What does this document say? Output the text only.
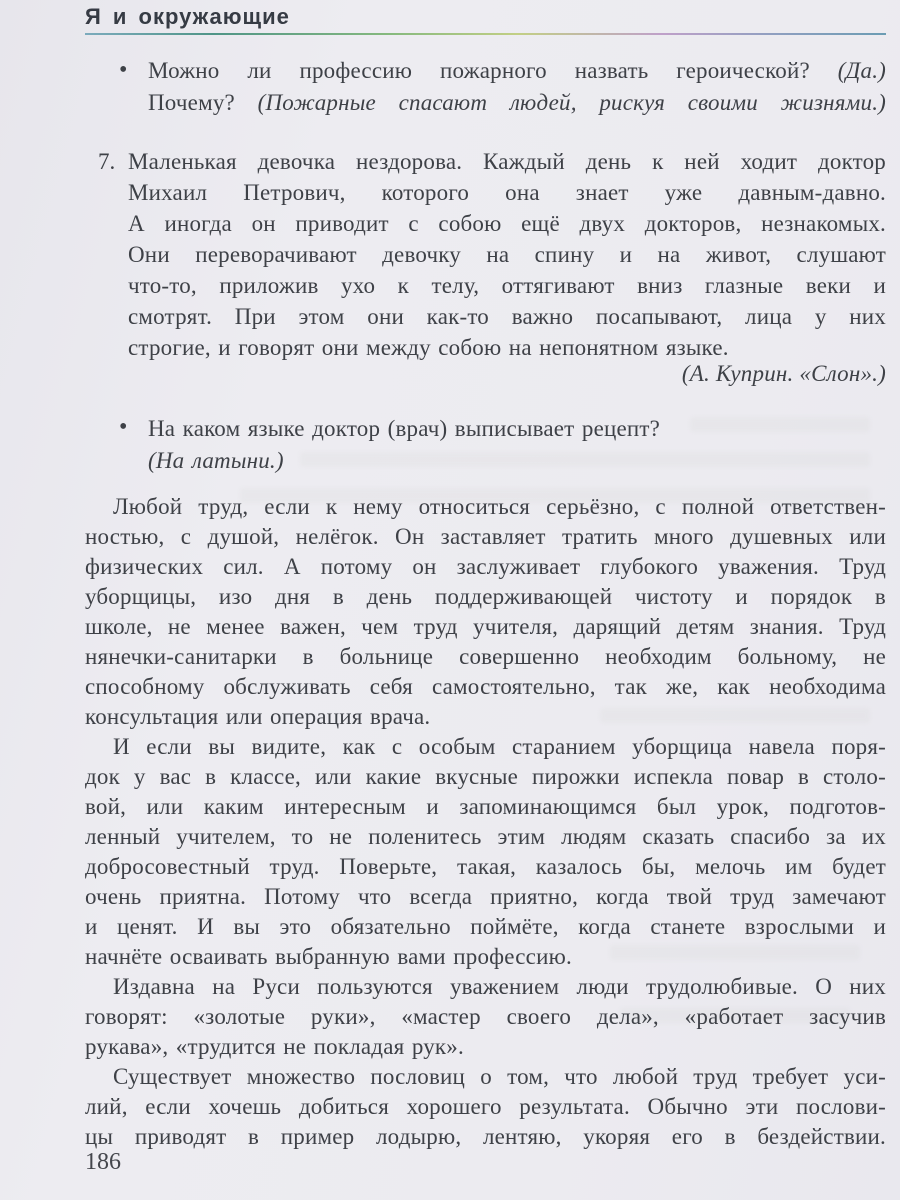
Я и окружающие
• Можно ли профессию пожарного назвать героической? (Да.)
Почему? (Пожарные спасают людей, рискуя своими жизнями.)
7. Маленькая девочка нездорова. Каждый день к ней ходит доктор
Михаил Петрович, которого она знает уже давным-давно.
А иногда он приводит с собою ещё двух докторов, незнакомых.
Они переворачивают девочку на спину и на живот, слушают
что-то, приложив ухо к телу, оттягивают вниз глазные веки и
смотрят. При этом они как-то важно посапывают, лица у них
строгие, и говорят они между собою на непонятном языке.
(А. Куприн. «Слон».)
• На каком языке доктор (врач) выписывает рецепт?
(На латыни.)
Любой труд, если к нему относиться серьёзно, с полной ответствен-
ностью, с душой, нелёгок. Он заставляет тратить много душевных или
физических сил. А потому он заслуживает глубокого уважения. Труд
уборщицы, изо дня в день поддерживающей чистоту и порядок в
школе, не менее важен, чем труд учителя, дарящий детям знания. Труд
нянечки-санитарки в больнице совершенно необходим больному, не
способному обслуживать себя самостоятельно, так же, как необходима
консультация или операция врача.
И если вы видите, как с особым старанием уборщица навела поря-
док у вас в классе, или какие вкусные пирожки испекла повар в столо-
вой, или каким интересным и запоминающимся был урок, подготов-
ленный учителем, то не поленитесь этим людям сказать спасибо за их
добросовестный труд. Поверьте, такая, казалось бы, мелочь им будет
очень приятна. Потому что всегда приятно, когда твой труд замечают
и ценят. И вы это обязательно поймёте, когда станете взрослыми и
начнёте осваивать выбранную вами профессию.
Издавна на Руси пользуются уважением люди трудолюбивые. О них
говорят: «золотые руки», «мастер своего дела», «работает засучив
рукава», «трудится не покладая рук».
Существует множество пословиц о том, что любой труд требует уси-
лий, если хочешь добиться хорошего результата. Обычно эти послови-
цы приводят в пример лодырю, лентяю, укоряя его в бездействии.
186
